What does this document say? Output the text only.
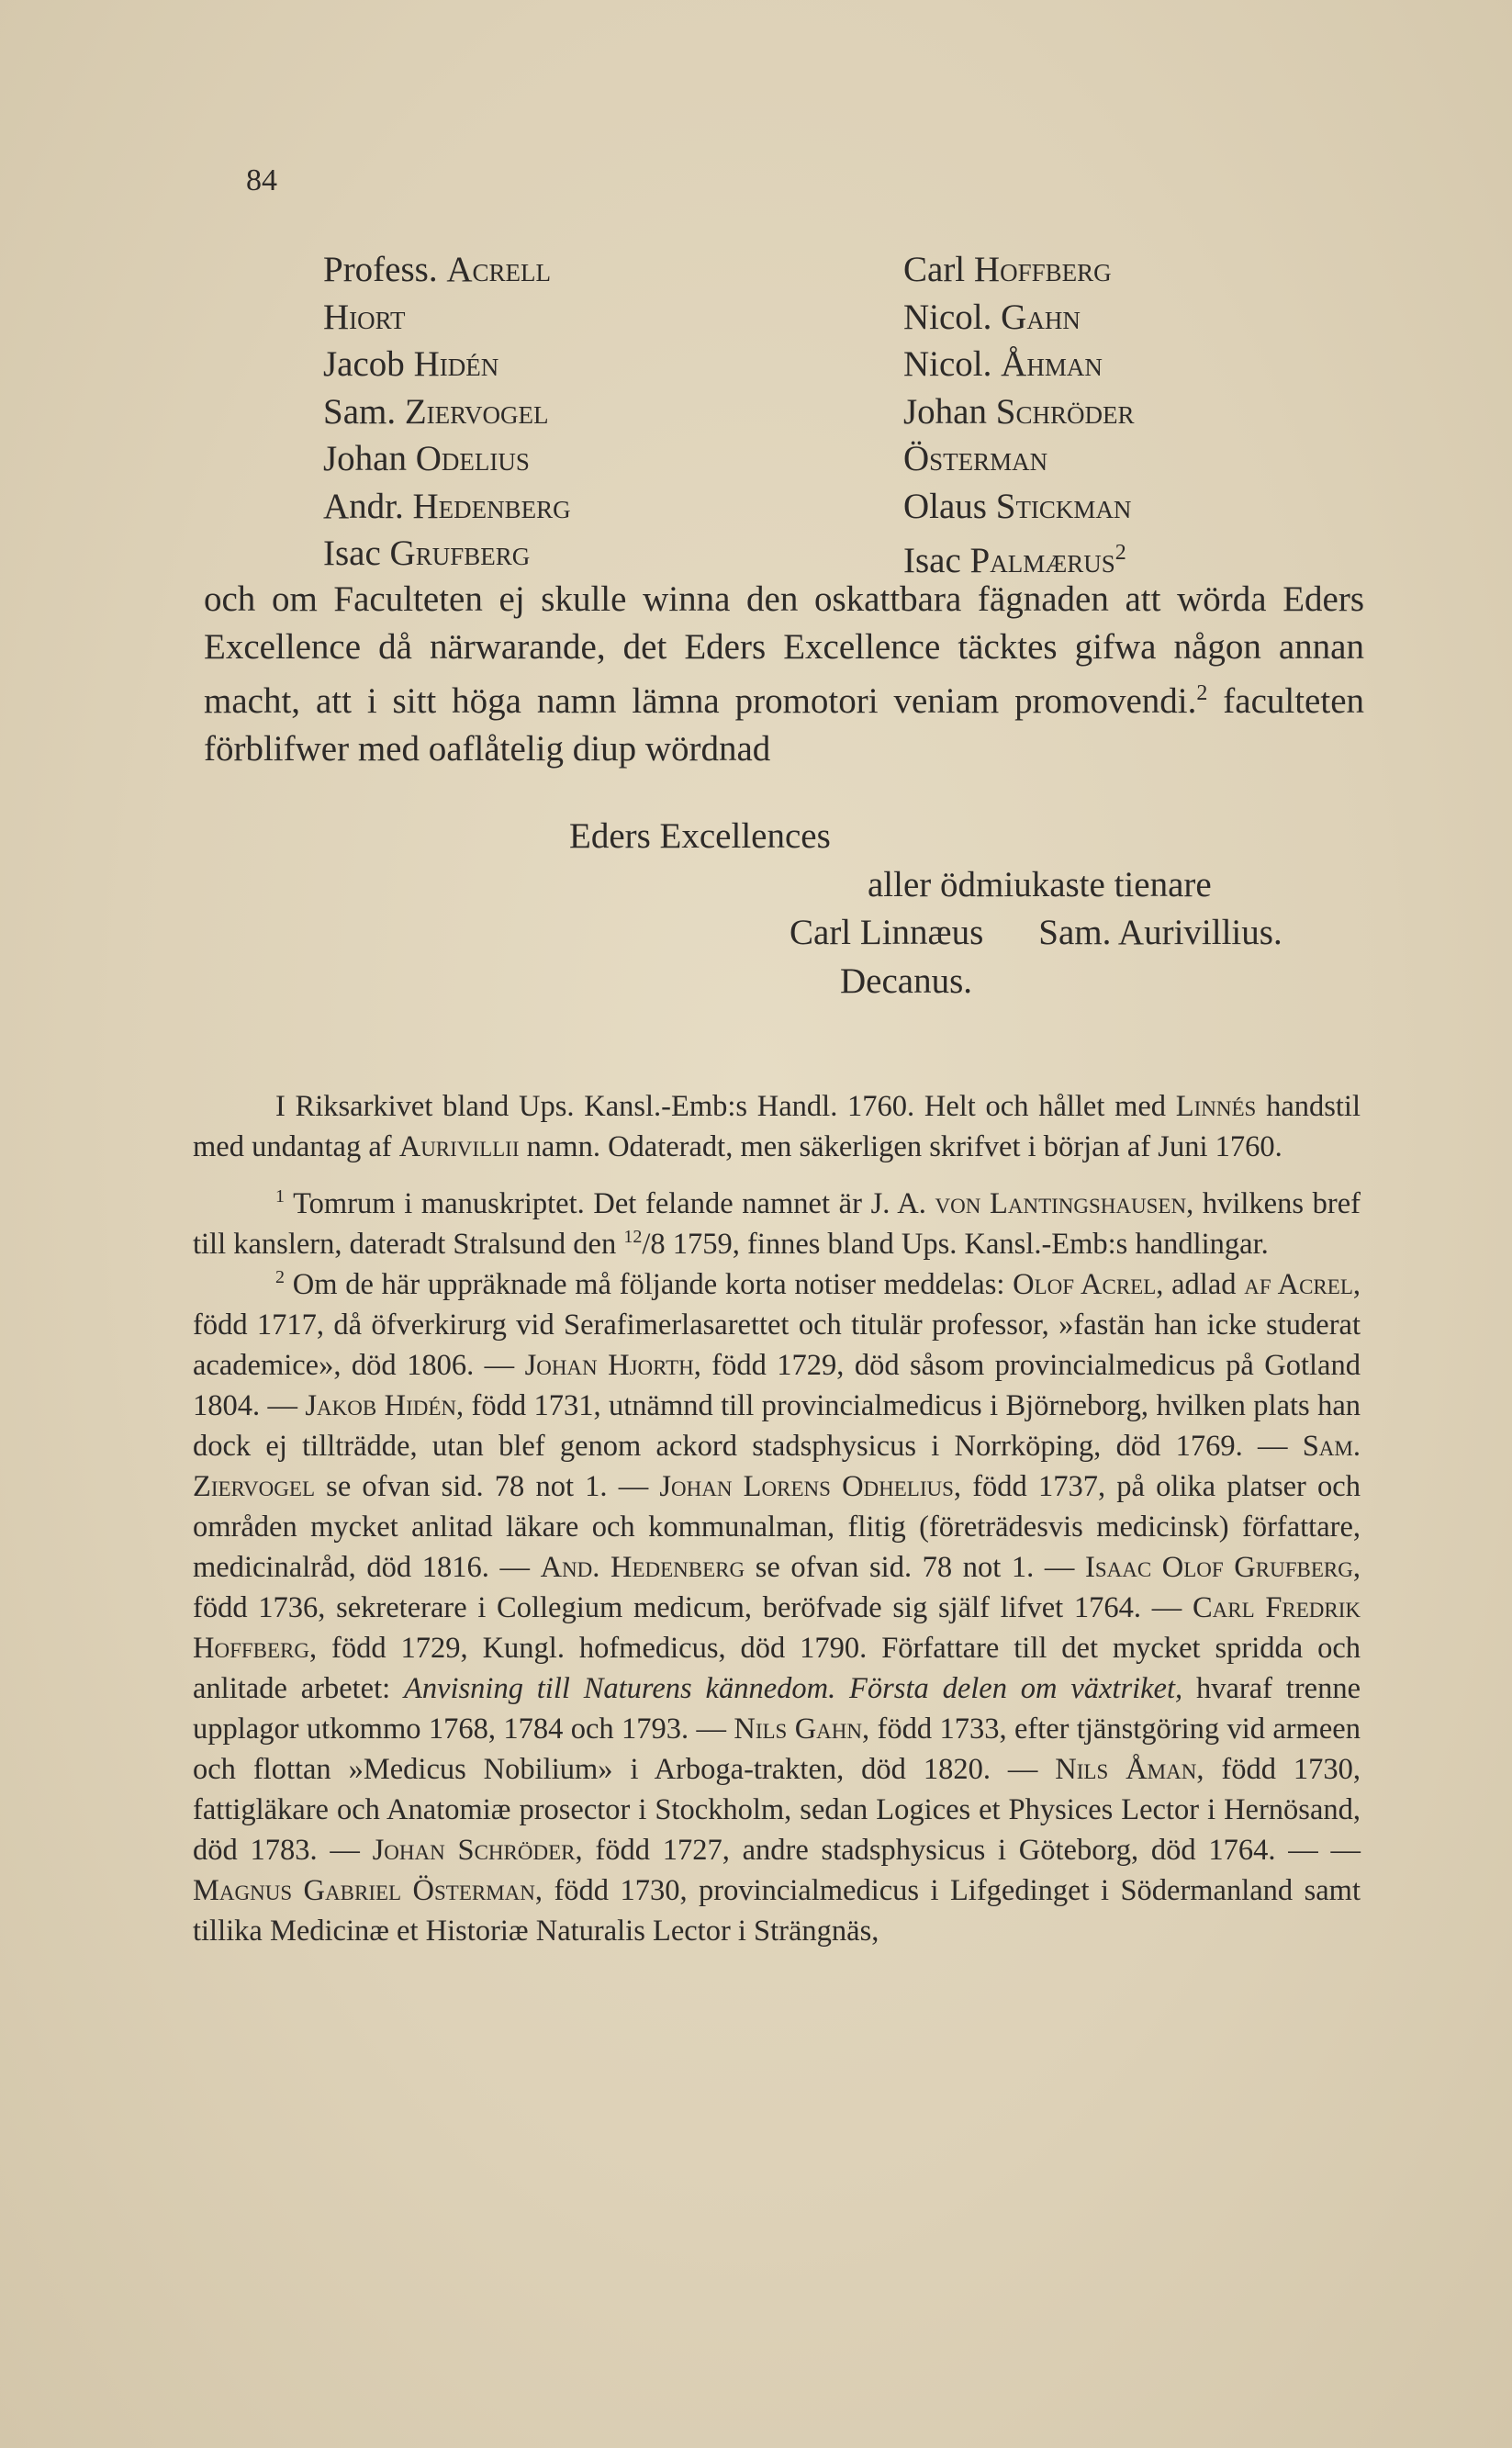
84
Profess. Acrell	Carl Hoffberg
Hiort	Nicol. Gahn
Jacob Hidén	Nicol. Åhman
Sam. Ziervogel	Johan Schröder
Johan Odelius	Österman
Andr. Hedenberg	Olaus Stickman
Isac Grufberg	Isac Palmærus$^2$

och om Faculteten ej skulle winna den oskattbara fägnaden att wörda Eders Excellence då närwarande, det Eders Excellence täcktes gifwa någon annan macht, att i sitt höga namn lämna promotori veniam promovendi.$^2$ faculteten förblifwer med oaflåtelig diup wördnad

Eders Excellences
aller ödmiukaste tienare
Carl Linnæus Sam. Aurivillius.
Decanus.

I Riksarkivet bland Ups. Kansl.-Emb:s Handl. 1760. Helt och hållet med Linnés handstil med undantag af Aurivillii namn. Odateradt, men säkerligen skrifvet i början af Juni 1760.

$^1$ Tomrum i manuskriptet. Det felande namnet är J. A. von Lantingshausen, hvilkens bref till kanslern, dateradt Stralsund den $^{12}$/8 1759, finnes bland Ups. Kansl.-Emb:s handlingar.

$^2$ Om de här uppräknade må följande korta notiser meddelas: Olof Acrel, adlad af Acrel, född 1717, då öfverkirurg vid Serafimerlasarettet och titulär professor, »fastän han icke studerat academice», död 1806. — Johan Hjorth, född 1729, död såsom provincialmedicus på Gotland 1804. — Jakob Hidén, född 1731, utnämnd till provincialmedicus i Björneborg, hvilken plats han dock ej tillträdde, utan blef genom ackord stadsphysicus i Norrköping, död 1769. — Sam. Ziervogel se ofvan sid. 78 not 1. — Johan Lorens Odhelius, född 1737, på olika platser och områden mycket anlitad läkare och kommunalman, flitig (företrädesvis medicinsk) författare, medicinalråd, död 1816. — And. Hedenberg se ofvan sid. 78 not 1. — Isaac Olof Grufberg, född 1736, sekreterare i Collegium medicum, beröfvade sig själf lifvet 1764. — Carl Fredrik Hoffberg, född 1729, Kungl. hofmedicus, död 1790. Författare till det mycket spridda och anlitade arbetet: Anvisning till Naturens kännedom. Första delen om växtriket, hvaraf trenne upplagor utkommo 1768, 1784 och 1793. — Nils Gahn, född 1733, efter tjänstgöring vid armeen och flottan »Medicus Nobilium» i Arboga-trakten, död 1820. — Nils Åman, född 1730, fattigläkare och Anatomiæ prosector i Stockholm, sedan Logices et Physices Lector i Hernösand, död 1783. — Johan Schröder, född 1727, andre stadsphysicus i Göteborg, död 1764. — — Magnus Gabriel Österman, född 1730, provincialmedicus i Lifgedinget i Södermanland samt tillika Medicinæ et Historiæ Naturalis Lector i Strängnäs,
